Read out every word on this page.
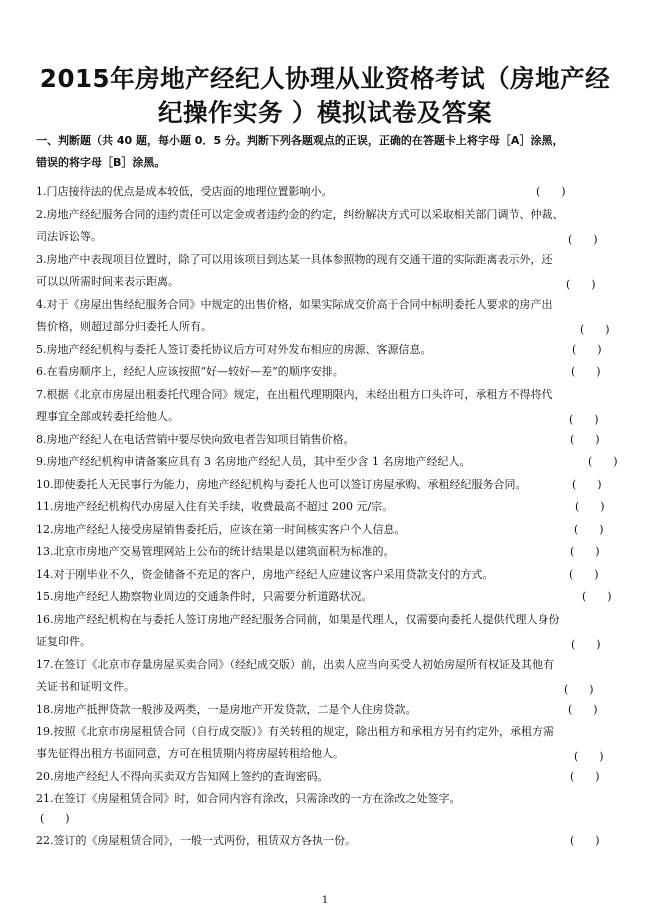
2015年房地产经纪人协理从业资格考试（房地产经
纪操作实务 ）模拟试卷及答案
一、判断题（共 40 题，每小题 0．5 分。判断下列各题观点的正误，正确的在答题卡上将字母［A］涂黑，
错误的将字母［B］涂黑。
1.门店接待法的优点是成本较低，受店面的地理位置影响小。	(      )
2.房地产经纪服务合同的违约责任可以定金或者违约金的约定，纠纷解决方式可以采取相关部门调节、仲裁、
司法诉讼等。	(      )
3.房地产中表现项目位置时，除了可以用该项目到达某一具体参照物的现有交通干道的实际距离表示外，还
可以以所需时间来表示距离。	(      )
4.对于《房屋出售经纪服务合同》中规定的出售价格，如果实际成交价高于合同中标明委托人要求的房产出
售价格，则超过部分归委托人所有。	(      )
5.房地产经纪机构与委托人签订委托协议后方可对外发布相应的房源、客源信息。	(      )
6.在看房顺序上，经纪人应该按照“好—较好—差”的顺序安排。	(      )
7.根据《北京市房屋出租委托代理合同》规定，在出租代理期限内，未经出租方口头许可，承租方不得将代
理事宜全部或转委托给他人。	(      )
8.房地产经纪人在电话营销中要尽快向致电者告知项目销售价格。	(      )
9.房地产经纪机构申请备案应具有 3 名房地产经纪人员，其中至少含 1 名房地产经纪人。	(      )
10.即使委托人无民事行为能力，房地产经纪机构与委托人也可以签订房屋承购、承租经纪服务合同。	(      )
11.房地产经纪机构代办房屋入住有关手续，收费最高不超过 200 元/宗。	(      )
12.房地产经纪人接受房屋销售委托后，应该在第一时间核实客户个人信息。	(      )
13.北京市房地产交易管理网站上公布的统计结果是以建筑面积为标准的。	(      )
14.对于刚毕业不久，资金储备不充足的客户，房地产经纪人应建议客户采用贷款支付的方式。	(      )
15.房地产经纪人勘察物业周边的交通条件时，只需要分析道路状况。	(      )
16.房地产经纪机构在与委托人签订房地产经纪服务合同前，如果是代理人，仅需要向委托人提供代理人身份
证复印件。	(      )
17.在签订《北京市存量房屋买卖合同》（经纪成交版）前，出卖人应当向买受人初始房屋所有权证及其他有
关证书和证明文件。	(      )
18.房地产抵押贷款一般涉及两类，一是房地产开发贷款，二是个人住房贷款。	(      )
19.按照《北京市房屋租赁合同（自行成交版）》有关转租的规定，除出租方和承租方另有约定外，承租方需
事先征得出租方书面同意，方可在租赁期内将房屋转租给他人。	(      )
20.房地产经纪人不得向买卖双方告知网上签约的查询密码。	(      )
21.在签订《房屋租赁合同》时，如合同内容有涂改，只需涂改的一方在涂改之处签字。
(      )
22.签订的《房屋租赁合同》，一般一式两份，租赁双方各执一份。	(      )
1
